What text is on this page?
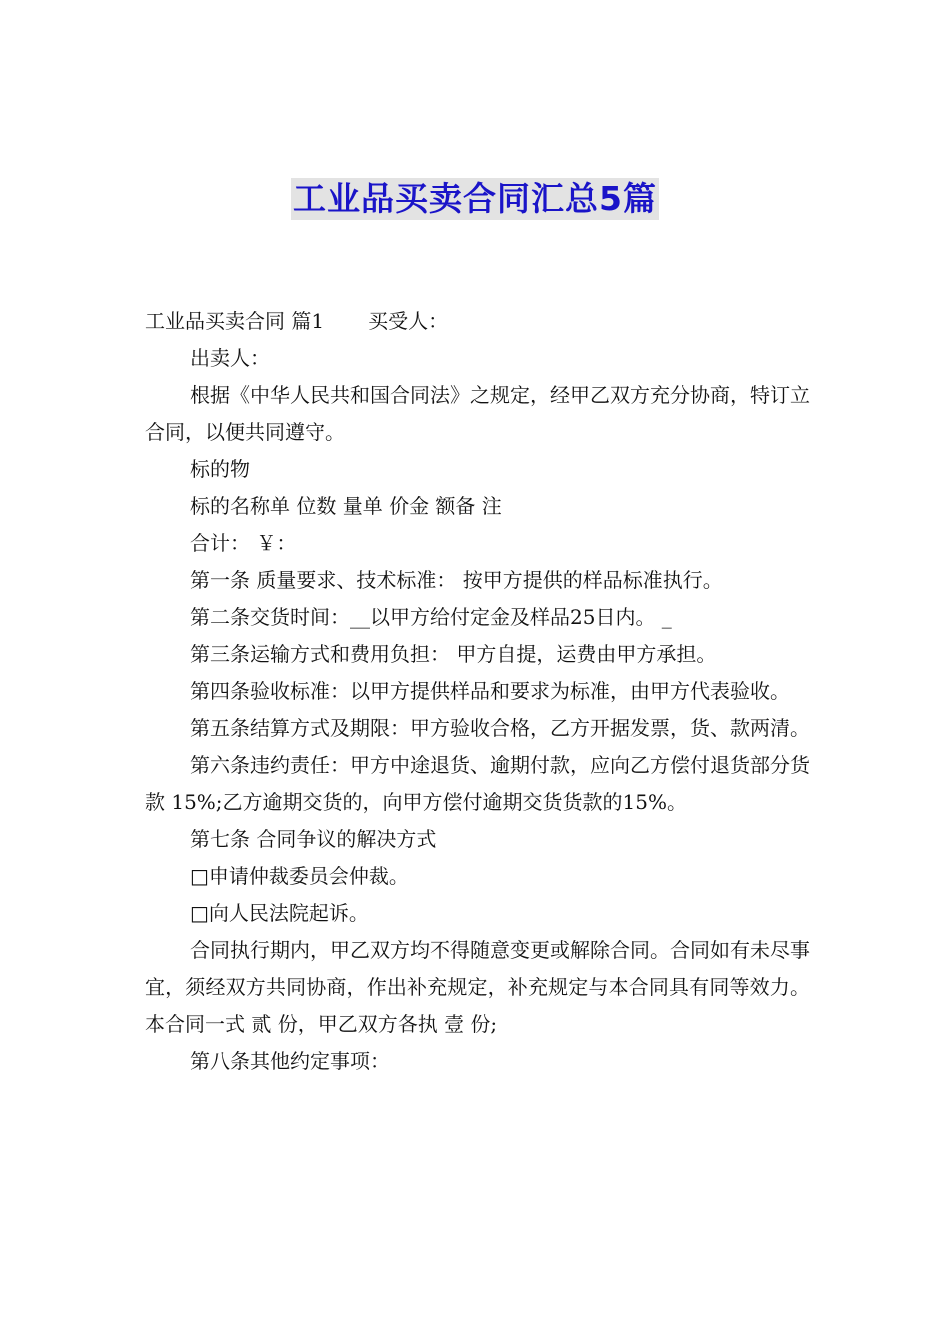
工业品买卖合同汇总5篇

工业品买卖合同 篇1 买受人：

出卖人：

根据《中华人民共和国合同法》之规定，经甲乙双方充分协商，特订立合同，以便共同遵守。

标的物

标的名称单 位数 量单 价金 额备 注

合计： ￥：

第一条 质量要求、技术标准： 按甲方提供的样品标准执行。

第二条交货时间：__以甲方给付定金及样品25日内。 _

第三条运输方式和费用负担： 甲方自提，运费由甲方承担。

第四条验收标准：以甲方提供样品和要求为标准，由甲方代表验收。

第五条结算方式及期限：甲方验收合格，乙方开据发票，货、款两清。

第六条违约责任：甲方中途退货、逾期付款，应向乙方偿付退货部分货款 15%;乙方逾期交货的，向甲方偿付逾期交货货款的15%。

第七条 合同争议的解决方式

□申请仲裁委员会仲裁。

□向人民法院起诉。

合同执行期内，甲乙双方均不得随意变更或解除合同。合同如有未尽事宜，须经双方共同协商，作出补充规定，补充规定与本合同具有同等效力。本合同一式 贰 份，甲乙双方各执 壹 份;

第八条其他约定事项：
